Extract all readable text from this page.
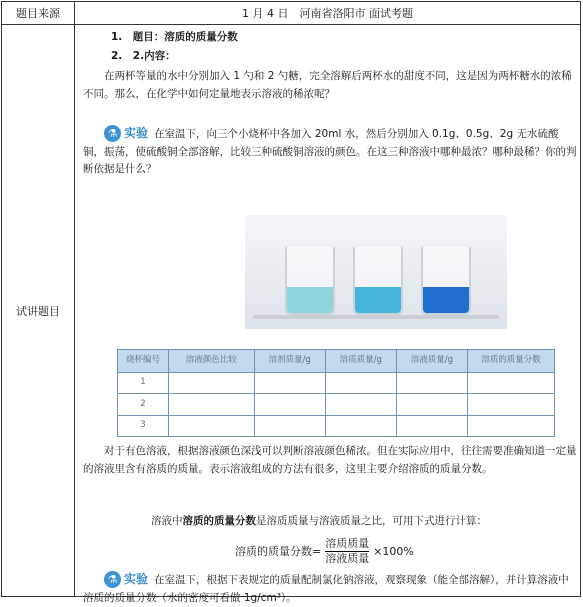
题目来源	1 月 4 日　河南省洛阳市 面试考题
试讲题目	
1.　题目：溶质的质量分数
2.　2.内容：
在两杯等量的水中分别加入 1 勺和 2 勺糖，完全溶解后两杯水的甜度不同，这是因为两杯糖水的浓稀不同。那么，在化学中如何定量地表示溶液的稀浓呢？
⚗ 实验 在室温下，向三个小烧杯中各加入 20ml 水，然后分别加入 0.1g、0.5g、2g 无水硫酸铜，振荡，使硫酸铜全部溶解，比较三种硫酸铜溶液的颜色。在这三种溶液中哪种最浓？哪种最稀？你的判断依据是什么？
烧杯编号	溶液颜色比较	溶剂质量/g	溶质质量/g	溶液质量/g	溶质的质量分数
1					
2					
3					
对于有色溶液，根据溶液颜色深浅可以判断溶液颜色稀浓。但在实际应用中，往往需要准确知道一定量的溶液里含有溶质的质量。表示溶液组成的方法有很多，这里主要介绍溶质的质量分数。
溶液中溶质的质量分数是溶质质量与溶液质量之比，可用下式进行计算：
溶质的质量分数= $\frac{\text{溶质质量}}{\text{溶液质量}} \times 100\%$
⚗ 实验 在室温下，根据下表规定的质量配制氯化钠溶液，观察现象（能全部溶解），并计算溶液中溶质的质量分数（水的密度可看做 1g/cm³）。
